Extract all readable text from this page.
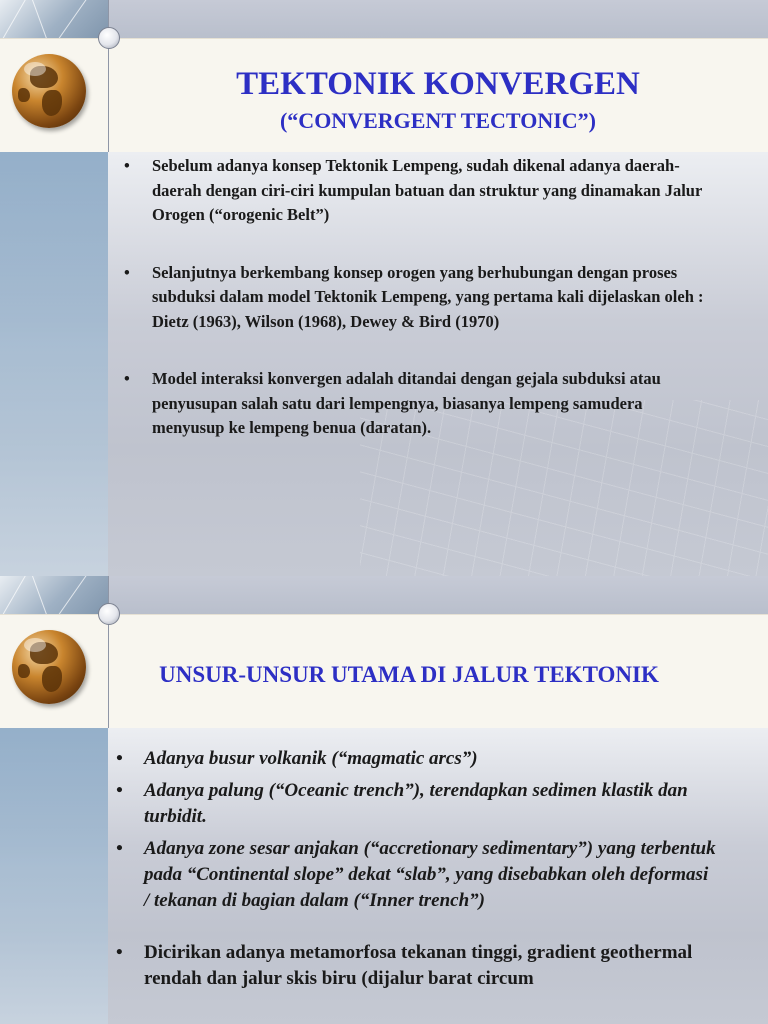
TEKTONIK KONVERGEN
(“CONVERGENT TECTONIC”)
• Sebelum adanya konsep Tektonik Lempeng, sudah dikenal adanya daerah-daerah dengan ciri-ciri kumpulan batuan dan struktur yang dinamakan Jalur Orogen (“orogenic Belt”)
• Selanjutnya berkembang konsep orogen yang berhubungan dengan proses subduksi dalam model Tektonik Lempeng, yang pertama kali dijelaskan oleh : Dietz (1963), Wilson (1968), Dewey & Bird (1970)
• Model interaksi konvergen adalah ditandai dengan gejala subduksi atau penyusupan salah satu dari lempengnya, biasanya lempeng samudera menyusup ke lempeng benua (daratan).
UNSUR-UNSUR UTAMA DI JALUR TEKTONIK
• Adanya busur volkanik (“magmatic arcs”)
• Adanya palung (“Oceanic trench”), terendapkan sedimen klastik dan turbidit.
• Adanya zone sesar anjakan (“accretionary sedimentary”) yang terbentuk pada “Continental slope” dekat “slab”, yang disebabkan oleh deformasi / tekanan di bagian dalam (“Inner trench”)
• Dicirikan adanya metamorfosa tekanan tinggi, gradient geothermal rendah dan jalur skis biru (dijalur barat circum
